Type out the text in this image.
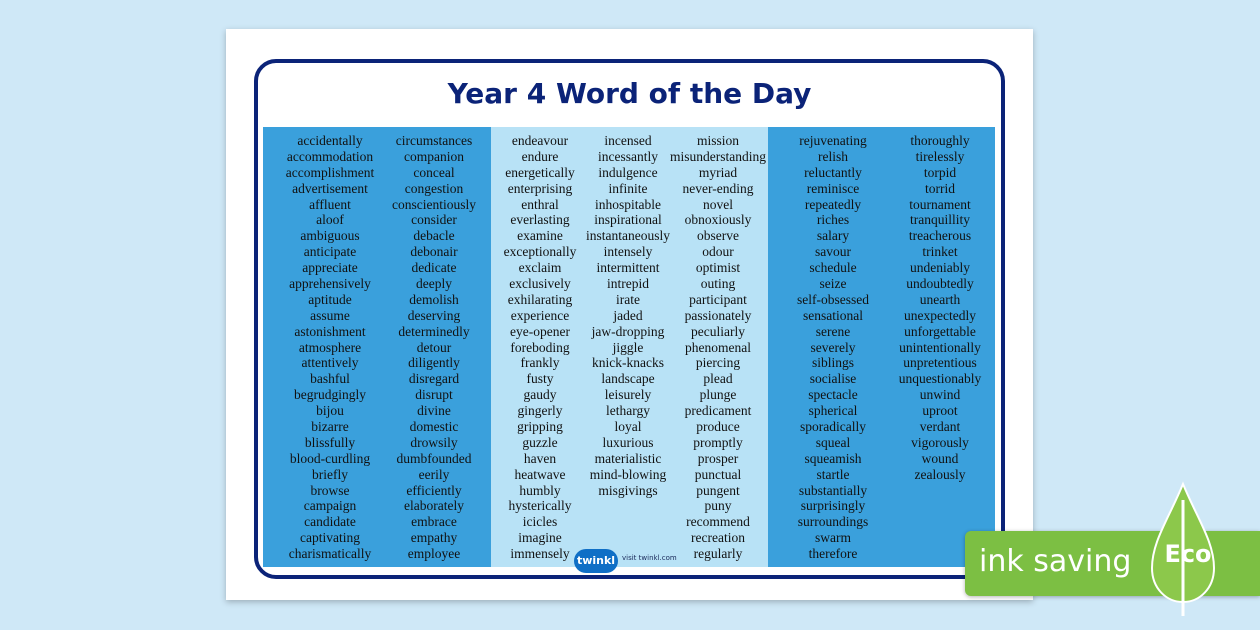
Year 4 Word of the Day
accidentally
accommodation
accomplishment
advertisement
affluent
aloof
ambiguous
anticipate
appreciate
apprehensively
aptitude
assume
astonishment
atmosphere
attentively
bashful
begrudgingly
bijou
bizarre
blissfully
blood-curdling
briefly
browse
campaign
candidate
captivating
charismatically
circumstances
companion
conceal
congestion
conscientiously
consider
debacle
debonair
dedicate
deeply
demolish
deserving
determinedly
detour
diligently
disregard
disrupt
divine
domestic
drowsily
dumbfounded
eerily
efficiently
elaborately
embrace
empathy
employee
endeavour
endure
energetically
enterprising
enthral
everlasting
examine
exceptionally
exclaim
exclusively
exhilarating
experience
eye-opener
foreboding
frankly
fusty
gaudy
gingerly
gripping
guzzle
haven
heatwave
humbly
hysterically
icicles
imagine
immensely
incensed
incessantly
indulgence
infinite
inhospitable
inspirational
instantaneously
intensely
intermittent
intrepid
irate
jaded
jaw-dropping
jiggle
knick-knacks
landscape
leisurely
lethargy
loyal
luxurious
materialistic
mind-blowing
misgivings
mission
misunderstanding
myriad
never-ending
novel
obnoxiously
observe
odour
optimist
outing
participant
passionately
peculiarly
phenomenal
piercing
plead
plunge
predicament
produce
promptly
prosper
punctual
pungent
puny
recommend
recreation
regularly
rejuvenating
relish
reluctantly
reminisce
repeatedly
riches
salary
savour
schedule
seize
self-obsessed
sensational
serene
severely
siblings
socialise
spectacle
spherical
sporadically
squeal
squeamish
startle
substantially
surprisingly
surroundings
swarm
therefore
thoroughly
tirelessly
torpid
torrid
tournament
tranquillity
treacherous
trinket
undeniably
undoubtedly
unearth
unexpectedly
unforgettable
unintentionally
unpretentious
unquestionably
unwind
uproot
verdant
vigorously
wound
zealously
twinkl visit twinkl.com	ink saving Eco
